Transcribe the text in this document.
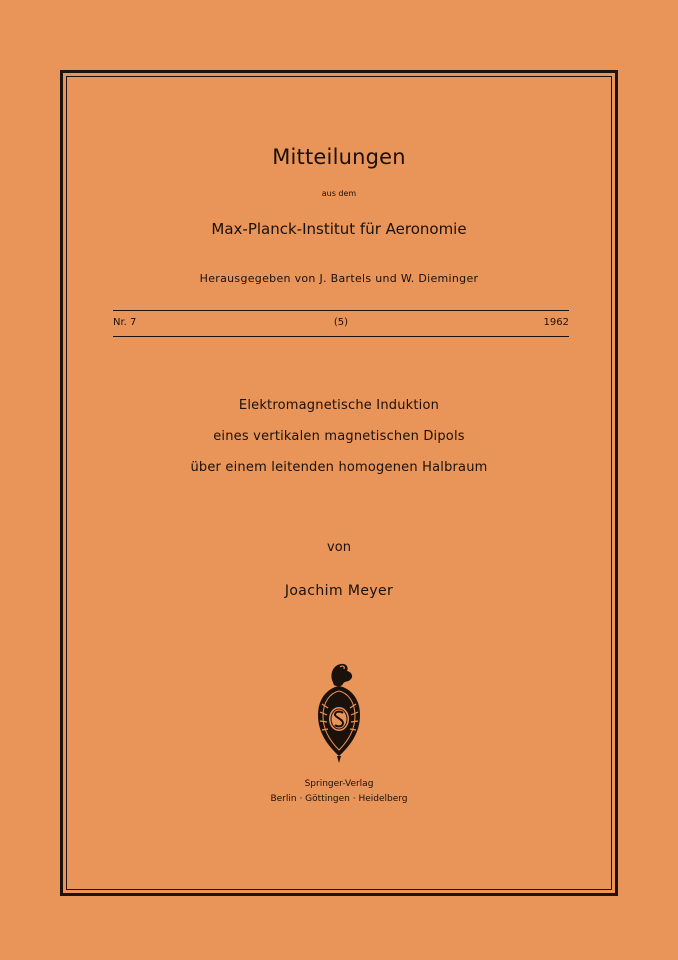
Mitteilungen
aus dem
Max-Planck-Institut für Aeronomie
Herausgegeben von J. Bartels und W. Dieminger
Nr. 7	(5)	1962
Elektromagnetische Induktion
eines vertikalen magnetischen Dipols
über einem leitenden homogenen Halbraum
von
Joachim Meyer
Springer-Verlag
Berlin · Göttingen · Heidelberg
